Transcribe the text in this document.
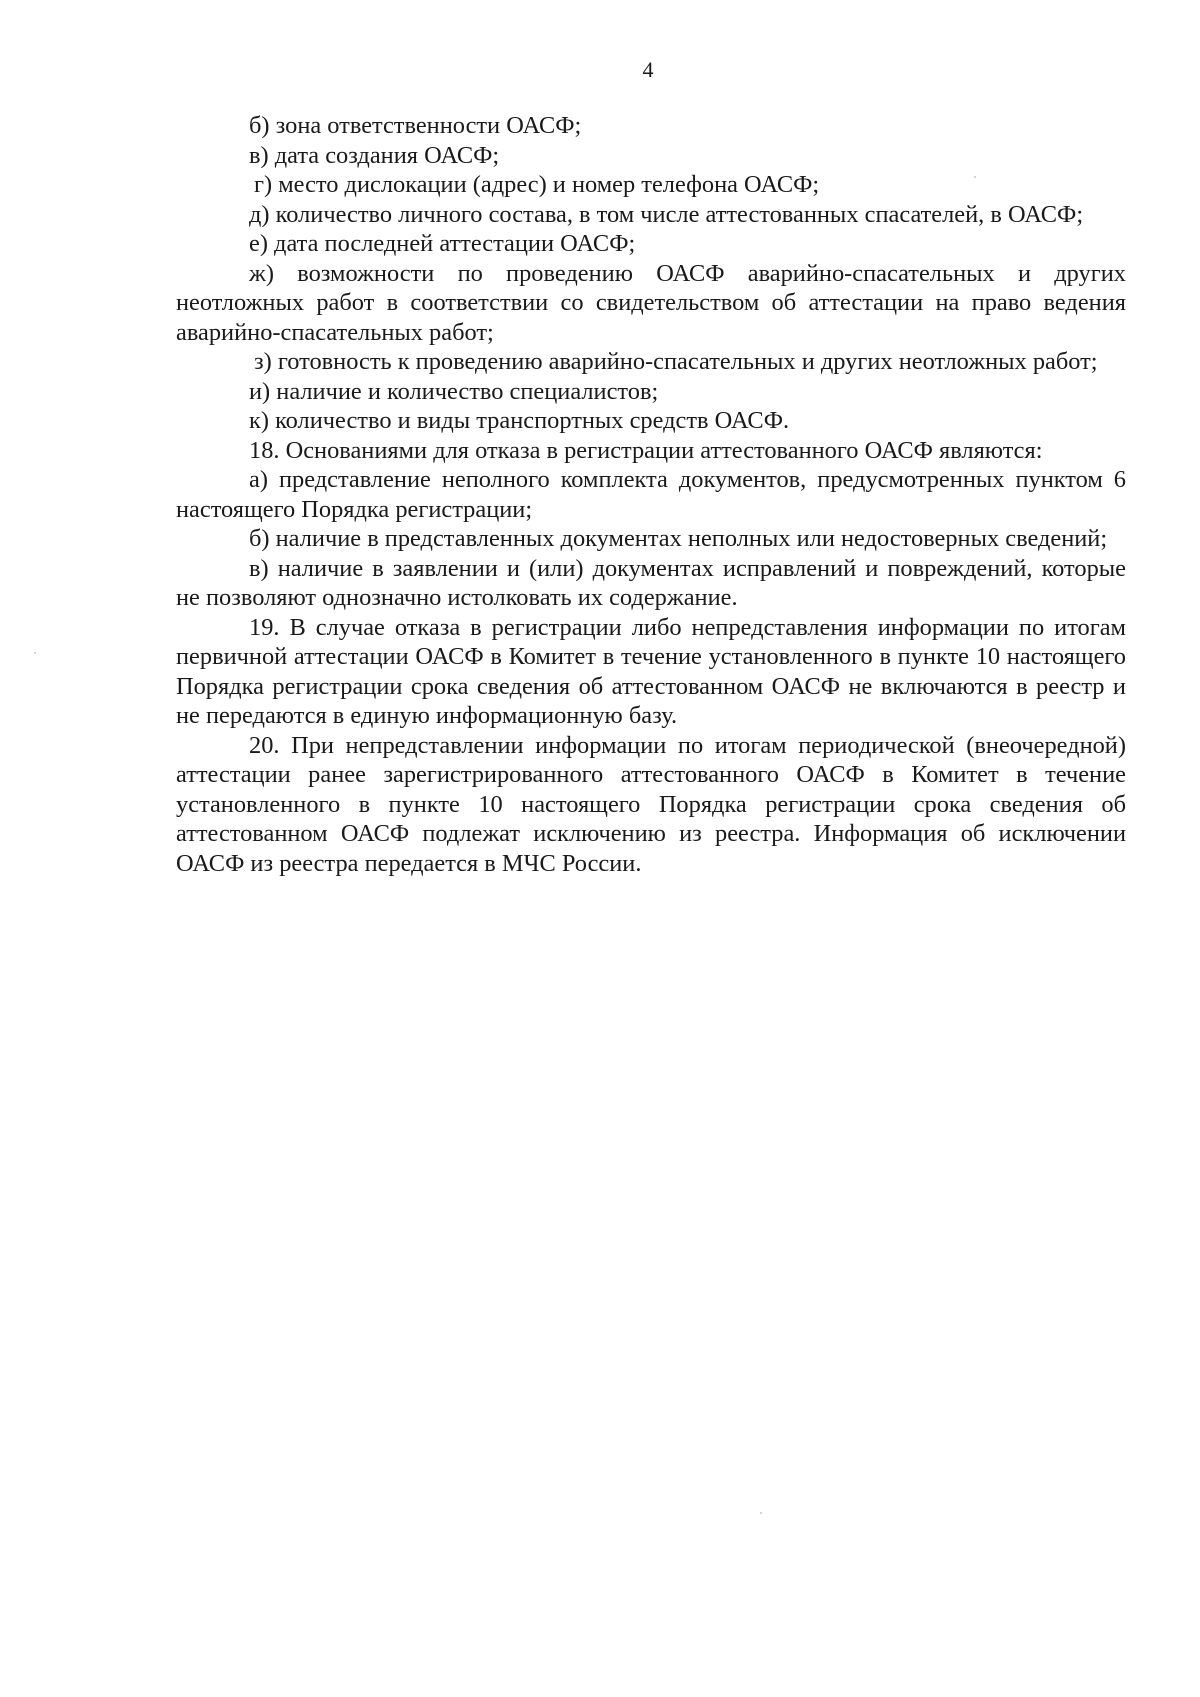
4

б) зона ответственности ОАСФ;

в) дата создания ОАСФ;

г) место дислокации (адрес) и номер телефона ОАСФ;

д) количество личного состава, в том числе аттестованных спасателей, в ОАСФ;

е) дата последней аттестации ОАСФ;

ж) возможности по проведению ОАСФ аварийно-спасательных и других неотложных работ в соответствии со свидетельством об аттестации на право ведения аварийно-спасательных работ;

з) готовность к проведению аварийно-спасательных и других неотложных работ;

и) наличие и количество специалистов;

к) количество и виды транспортных средств ОАСФ.

18. Основаниями для отказа в регистрации аттестованного ОАСФ являются:

а) представление неполного комплекта документов, предусмотренных пунктом 6 настоящего Порядка регистрации;

б) наличие в представленных документах неполных или недостоверных сведений;

в) наличие в заявлении и (или) документах исправлений и повреждений, которые не позволяют однозначно истолковать их содержание.

19. В случае отказа в регистрации либо непредставления информации по итогам первичной аттестации ОАСФ в Комитет в течение установленного в пункте 10 настоящего Порядка регистрации срока сведения об аттестованном ОАСФ не включаются в реестр и не передаются в единую информационную базу.

20. При непредставлении информации по итогам периодической (внеочередной) аттестации ранее зарегистрированного аттестованного ОАСФ в Комитет в течение установленного в пункте 10 настоящего Порядка регистрации срока сведения об аттестованном ОАСФ подлежат исключению из реестра. Информация об исключении ОАСФ из реестра передается в МЧС России.
